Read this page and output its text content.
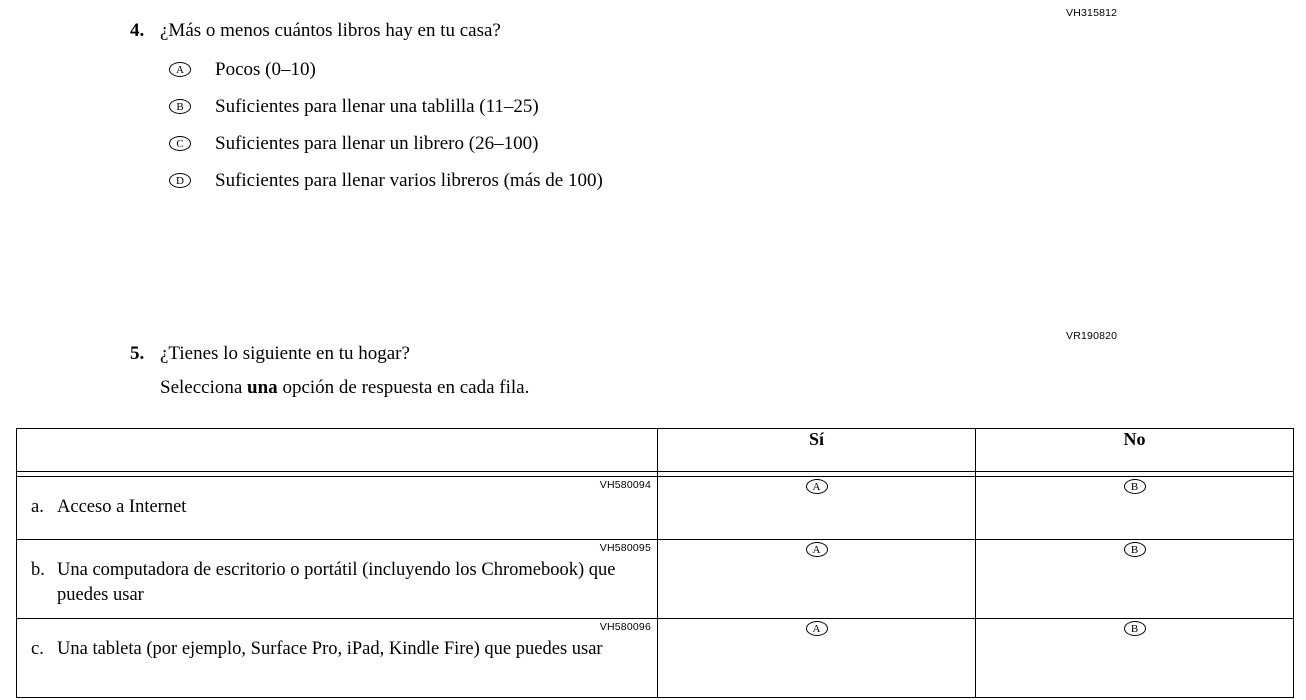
VH315812
4. ¿Más o menos cuántos libros hay en tu casa?
A	Pocos (0–10)
B	Suficientes para llenar una tablilla (11–25)
C	Suficientes para llenar un librero (26–100)
D	Suficientes para llenar varios libreros (más de 100)
VR190820
5. ¿Tienes lo siguiente en tu hogar?
Selecciona una opción de respuesta en cada fila.
	Sí	No

VH580094
a. Acceso a Internet	A	B

VH580095
b. Una computadora de escritorio o portátil (incluyendo los Chromebook) que puedes usar	A	B

VH580096
c. Una tableta (por ejemplo, Surface Pro, iPad, Kindle Fire) que puedes usar	A	B
